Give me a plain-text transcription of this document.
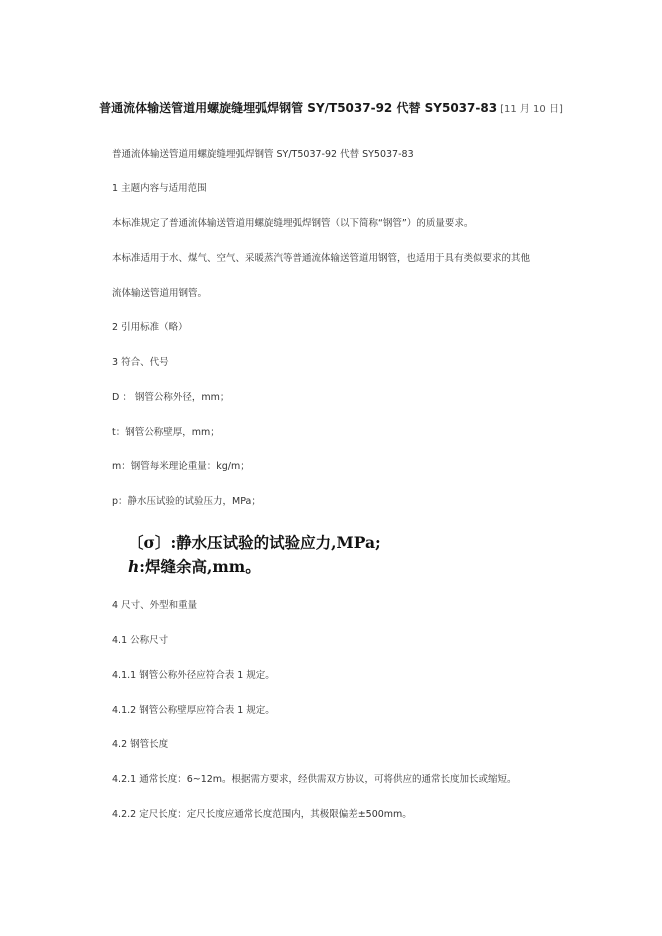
普通流体输送管道用螺旋缝埋弧焊钢管 SY/T5037-92 代替 SY5037-83 [11 月 10 日]
普通流体输送管道用螺旋缝埋弧焊钢管 SY/T5037-92 代替 SY5037-83
1 主题内容与适用范围
本标准规定了普通流体输送管道用螺旋缝埋弧焊钢管（以下简称“钢管”）的质量要求。
本标准适用于水、煤气、空气、采暖蒸汽等普通流体输送管道用钢管，也适用于具有类似要求的其他
流体输送管道用钢管。
2 引用标准（略）
3 符合、代号
D ： 钢管公称外径，mm；
t：钢管公称壁厚，mm；
m：钢管每米理论重量：kg/m；
p：静水压试验的试验压力，MPa；
〔σ〕:静水压试验的试验应力,MPa;
h:焊缝余高,mm。
4 尺寸、外型和重量
4.1 公称尺寸
4.1.1 钢管公称外径应符合表 1 规定。
4.1.2 钢管公称壁厚应符合表 1 规定。
4.2 钢管长度
4.2.1 通常长度：6~12m。根据需方要求，经供需双方协议，可将供应的通常长度加长或缩短。
4.2.2 定尺长度：定尺长度应通常长度范围内，其极限偏差±500mm。
